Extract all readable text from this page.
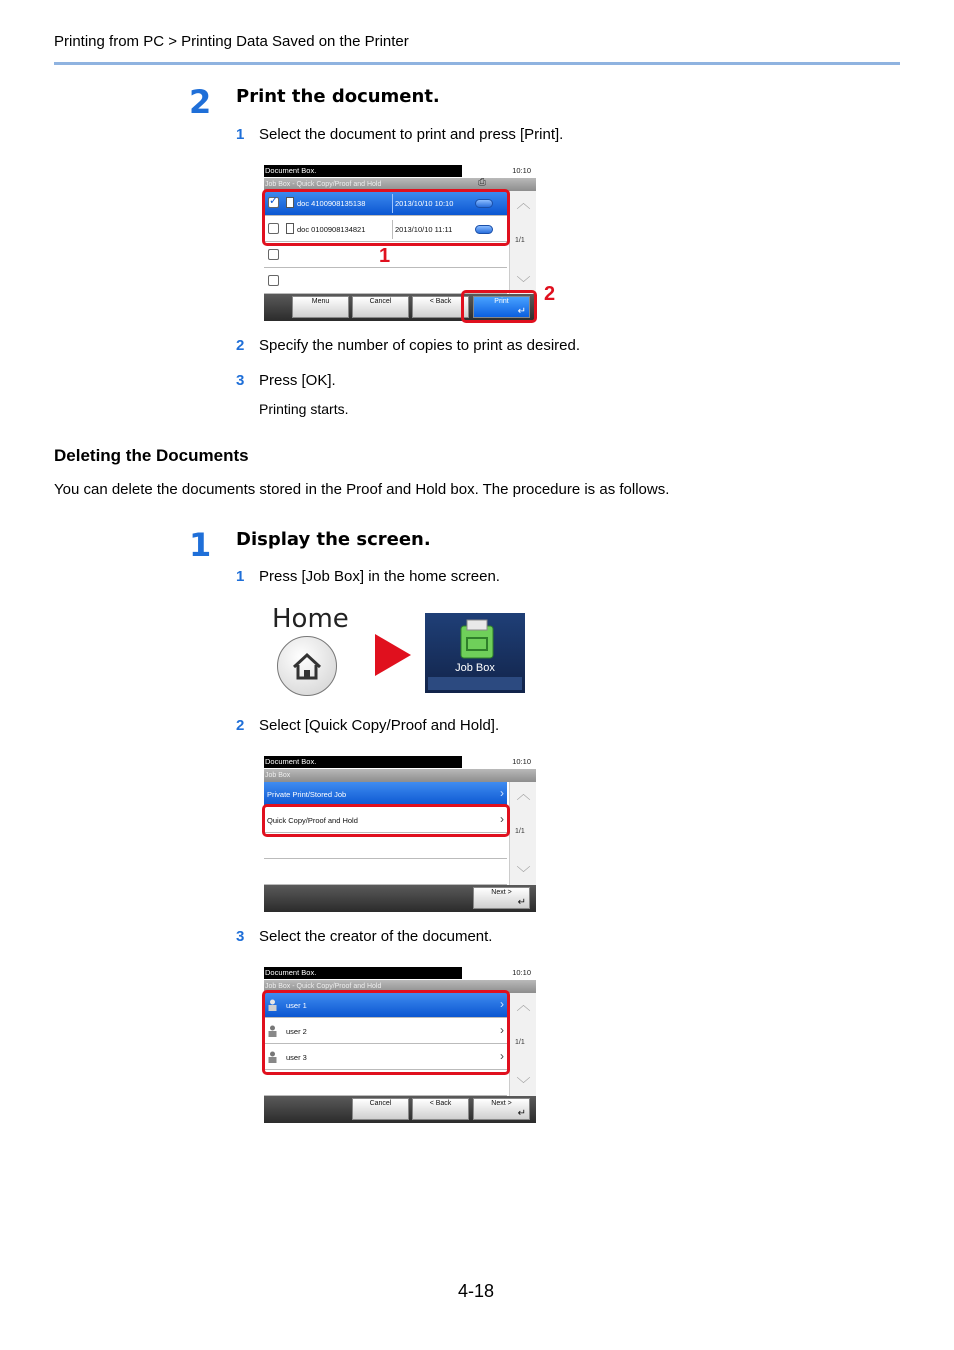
Printing from PC > Printing Data Saved on the Printer
2 Print the document.
1 Select the document to print and press [Print].
Document Box.	10:10
Job Box - Quick Copy/Proof and Hold	⎙
✓	doc 4100908135138	2013/10/10 10:10
doc 0100908134821	2013/10/10 11:11
︿
1/1
﹀
Menu	Cancel	< Back	Print
↵
1
2
2 Specify the number of copies to print as desired.
3 Press [OK].
Printing starts.
Deleting the Documents
You can delete the documents stored in the Proof and Hold box. The procedure is as follows.
1 Display the screen.
1 Press [Job Box] in the home screen.
Home
Job Box
2 Select [Quick Copy/Proof and Hold].
Document Box.	10:10
Job Box
Private Print/Stored Job	›
Quick Copy/Proof and Hold	›
︿
1/1
﹀
Next >
↵
3 Select the creator of the document.
Document Box.	10:10
Job Box - Quick Copy/Proof and Hold
user 1	›
user 2	›
user 3	›
︿
1/1
﹀
Cancel	< Back	Next >
↵
4-18
